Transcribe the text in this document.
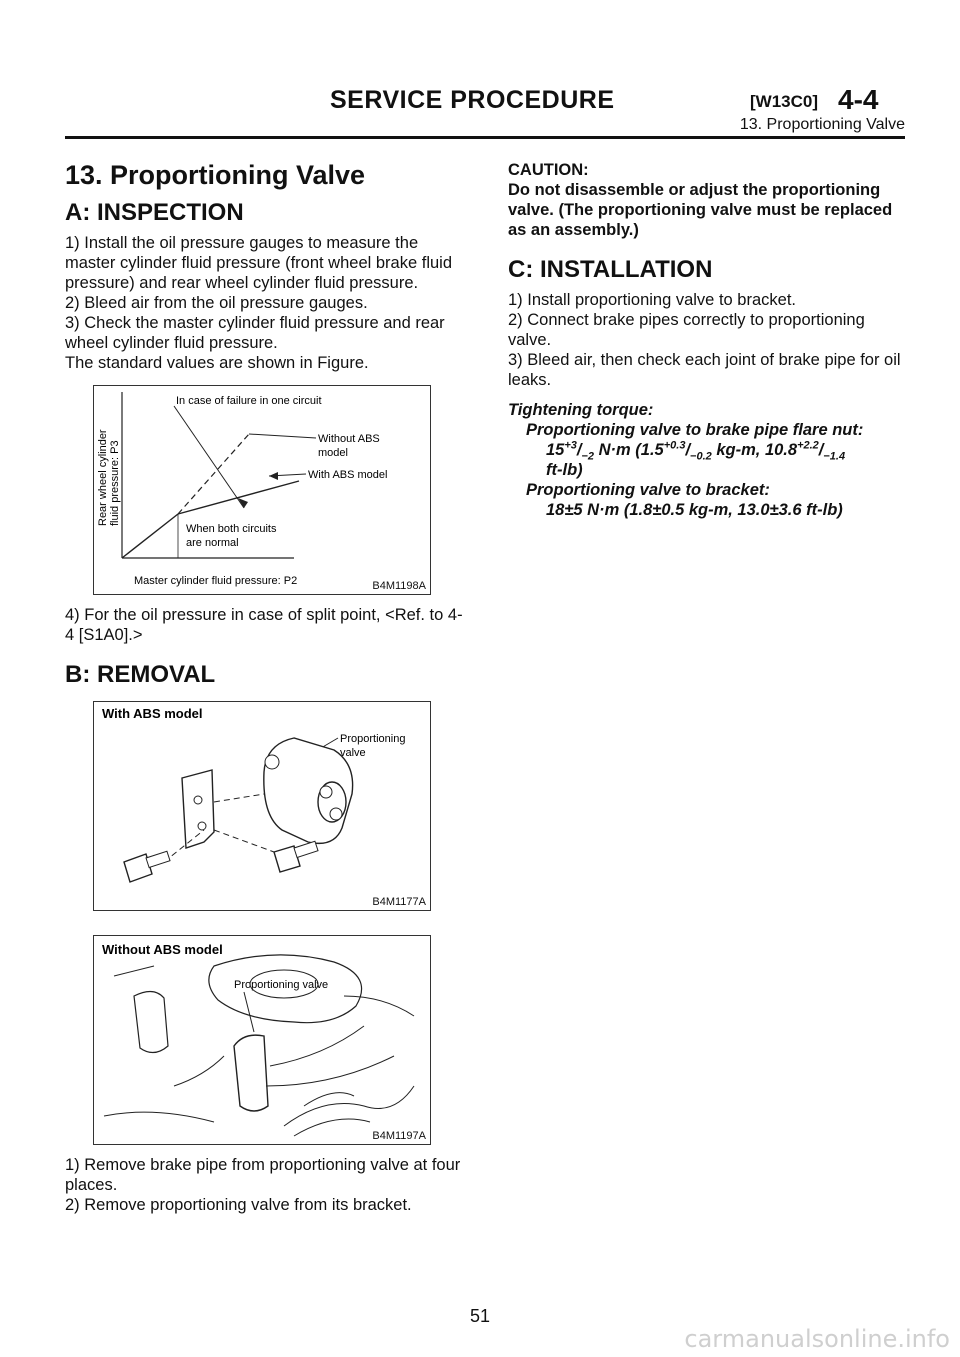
SERVICE PROCEDURE	[W13C0] 4-4
13. Proportioning Valve
13. Proportioning Valve
A: INSPECTION

1) Install the oil pressure gauges to measure the master cylinder fluid pressure (front wheel brake fluid pressure) and rear wheel cylinder fluid pressure.

2) Bleed air from the oil pressure gauges.

3) Check the master cylinder fluid pressure and rear wheel cylinder fluid pressure.

The standard values are shown in Figure.

In case of failure in one circuit
Without ABS
model
With ABS model
When both circuits
are normal
Rear wheel cylinder fluid pressure: P3
Master cylinder fluid pressure: P2	B4M1198A

4) For the oil pressure in case of split point, <Ref. to 4-4 [S1A0].>

B: REMOVAL
With ABS model
Proportioning
valve
B4M1177A
Without ABS model
Proportioning valve
B4M1197A

1) Remove brake pipe from proportioning valve at four places.

2) Remove proportioning valve from its bracket.

CAUTION:
Do not disassemble or adjust the proportioning valve. (The proportioning valve must be replaced as an assembly.)
C: INSTALLATION

1) Install proportioning valve to bracket.

2) Connect brake pipes correctly to proportioning valve.

3) Bleed air, then check each joint of brake pipe for oil leaks.

Tightening torque:
Proportioning valve to brake pipe flare nut:
$15^{+3}/_{-2}$ N·m ($1.5^{+0.3}/_{-0.2}$ kg-m, $10.8^{+2.2}/_{-1.4}$
ft-lb)
Proportioning valve to bracket:
18±5 N·m (1.8±0.5 kg-m, 13.0±3.6 ft-lb)
51
carmanualsonline.info
